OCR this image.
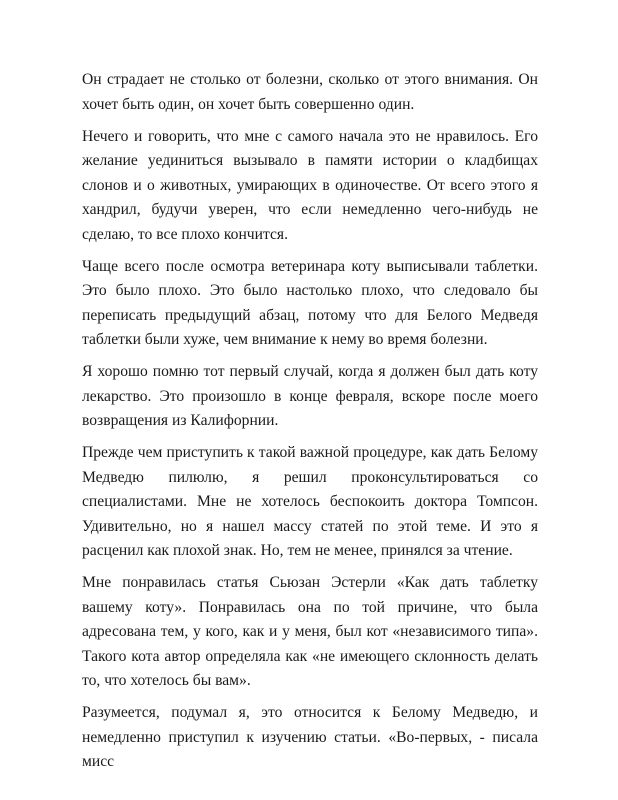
Он страдает не столько от болезни, сколько от этого внимания. Он хочет быть один, он хочет быть совершенно один.

Нечего и говорить, что мне с самого начала это не нравилось. Его желание уединиться вызывало в памяти истории о кладбищах слонов и о животных, умирающих в одиночестве. От всего этого я хандрил, будучи уверен, что если немедленно чего-нибудь не сделаю, то все плохо кончится.

Чаще всего после осмотра ветеринара коту выписывали таблетки. Это было плохо. Это было настолько плохо, что следовало бы переписать предыдущий абзац, потому что для Белого Медведя таблетки были хуже, чем внимание к нему во время болезни.

Я хорошо помню тот первый случай, когда я должен был дать коту лекарство. Это произошло в конце февраля, вскоре после моего возвращения из Калифорнии.

Прежде чем приступить к такой важной процедуре, как дать Белому Медведю пилюлю, я решил проконсультироваться со специалистами. Мне не хотелось беспокоить доктора Томпсон. Удивительно, но я нашел массу статей по этой теме. И это я расценил как плохой знак. Но, тем не менее, принялся за чтение.

Мне понравилась статья Сьюзан Эстерли «Как дать таблетку вашему коту». Понравилась она по той причине, что была адресована тем, у кого, как и у меня, был кот «независимого типа». Такого кота автор определяла как «не имеющего склонность делать то, что хотелось бы вам».

Разумеется, подумал я, это относится к Белому Медведю, и немедленно приступил к изучению статьи. «Во-первых, - писала мисс
